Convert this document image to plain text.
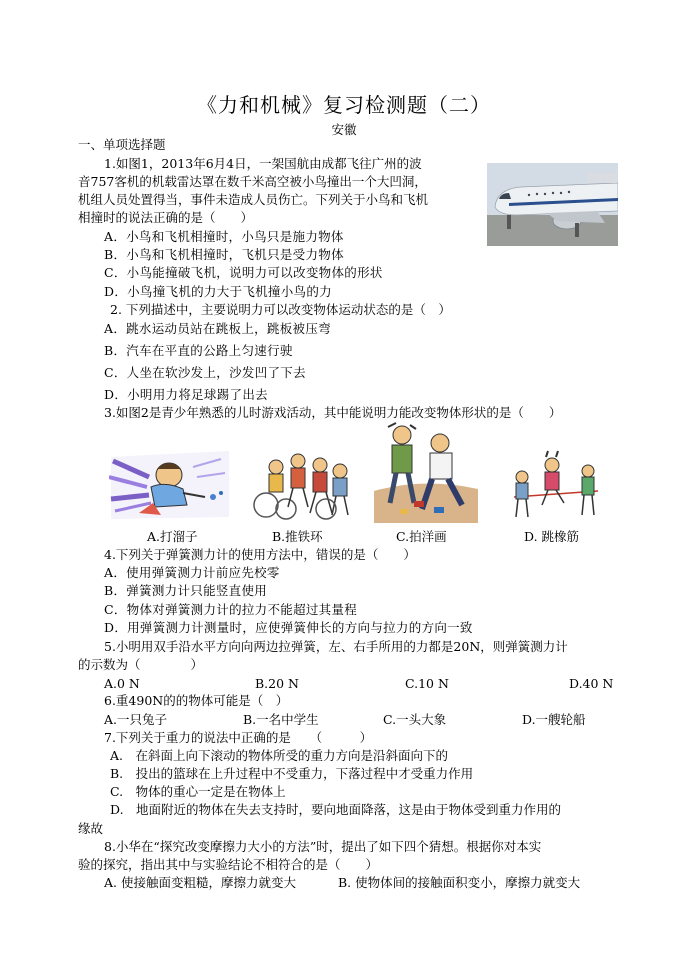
《力和机械》复习检测题（二）
安徽
一、单项选择题
1.如图1，2013年6月4日，一架国航由成都飞往广州的波
音757客机的机载雷达罩在数千米高空被小鸟撞出一个大凹洞，
机组人员处置得当，事件未造成人员伤亡。下列关于小鸟和飞机
相撞时的说法正确的是（　　）
A．小鸟和飞机相撞时，小鸟只是施力物体
B．小鸟和飞机相撞时，飞机只是受力物体
C．小鸟能撞破飞机，说明力可以改变物体的形状
D．小鸟撞飞机的力大于飞机撞小鸟的力
2. 下列描述中，主要说明力可以改变物体运动状态的是（　）
A．跳水运动员站在跳板上，跳板被压弯
B．汽车在平直的公路上匀速行驶
C．人坐在软沙发上，沙发凹了下去
D．小明用力将足球踢了出去
3.如图2是青少年熟悉的儿时游戏活动，其中能说明力能改变物体形状的是（　　）
A.打溜子	B.推铁环	C.拍洋画	D. 跳橡筋
4.下列关于弹簧测力计的使用方法中，错误的是（　　）
A．使用弹簧测力计前应先校零
B．弹簧测力计只能竖直使用
C．物体对弹簧测力计的拉力不能超过其量程
D．用弹簧测力计测量时，应使弹簧伸长的方向与拉力的方向一致
5.小明用双手沿水平方向向两边拉弹簧，左、右手所用的力都是20N，则弹簧测力计
的示数为（　　　　）
A.0 N	B.20 N	C.10 N	D.40 N
6.重490N的的物体可能是（　）
A.一只兔子	B.一名中学生	C.一头大象	D.一艘轮船
7.下列关于重力的说法中正确的是　　（　　　）
A.　在斜面上向下滚动的物体所受的重力方向是沿斜面向下的
B.　投出的篮球在上升过程中不受重力，下落过程中才受重力作用
C.　物体的重心一定是在物体上
D.　地面附近的物体在失去支持时，要向地面降落，这是由于物体受到重力作用的
缘故
8.小华在“探究改变摩擦力大小的方法”时，提出了如下四个猜想。根据你对本实
验的探究，指出其中与实验结论不相符合的是（　　）
A. 使接触面变粗糙，摩擦力就变大	B. 使物体间的接触面积变小，摩擦力就变大
